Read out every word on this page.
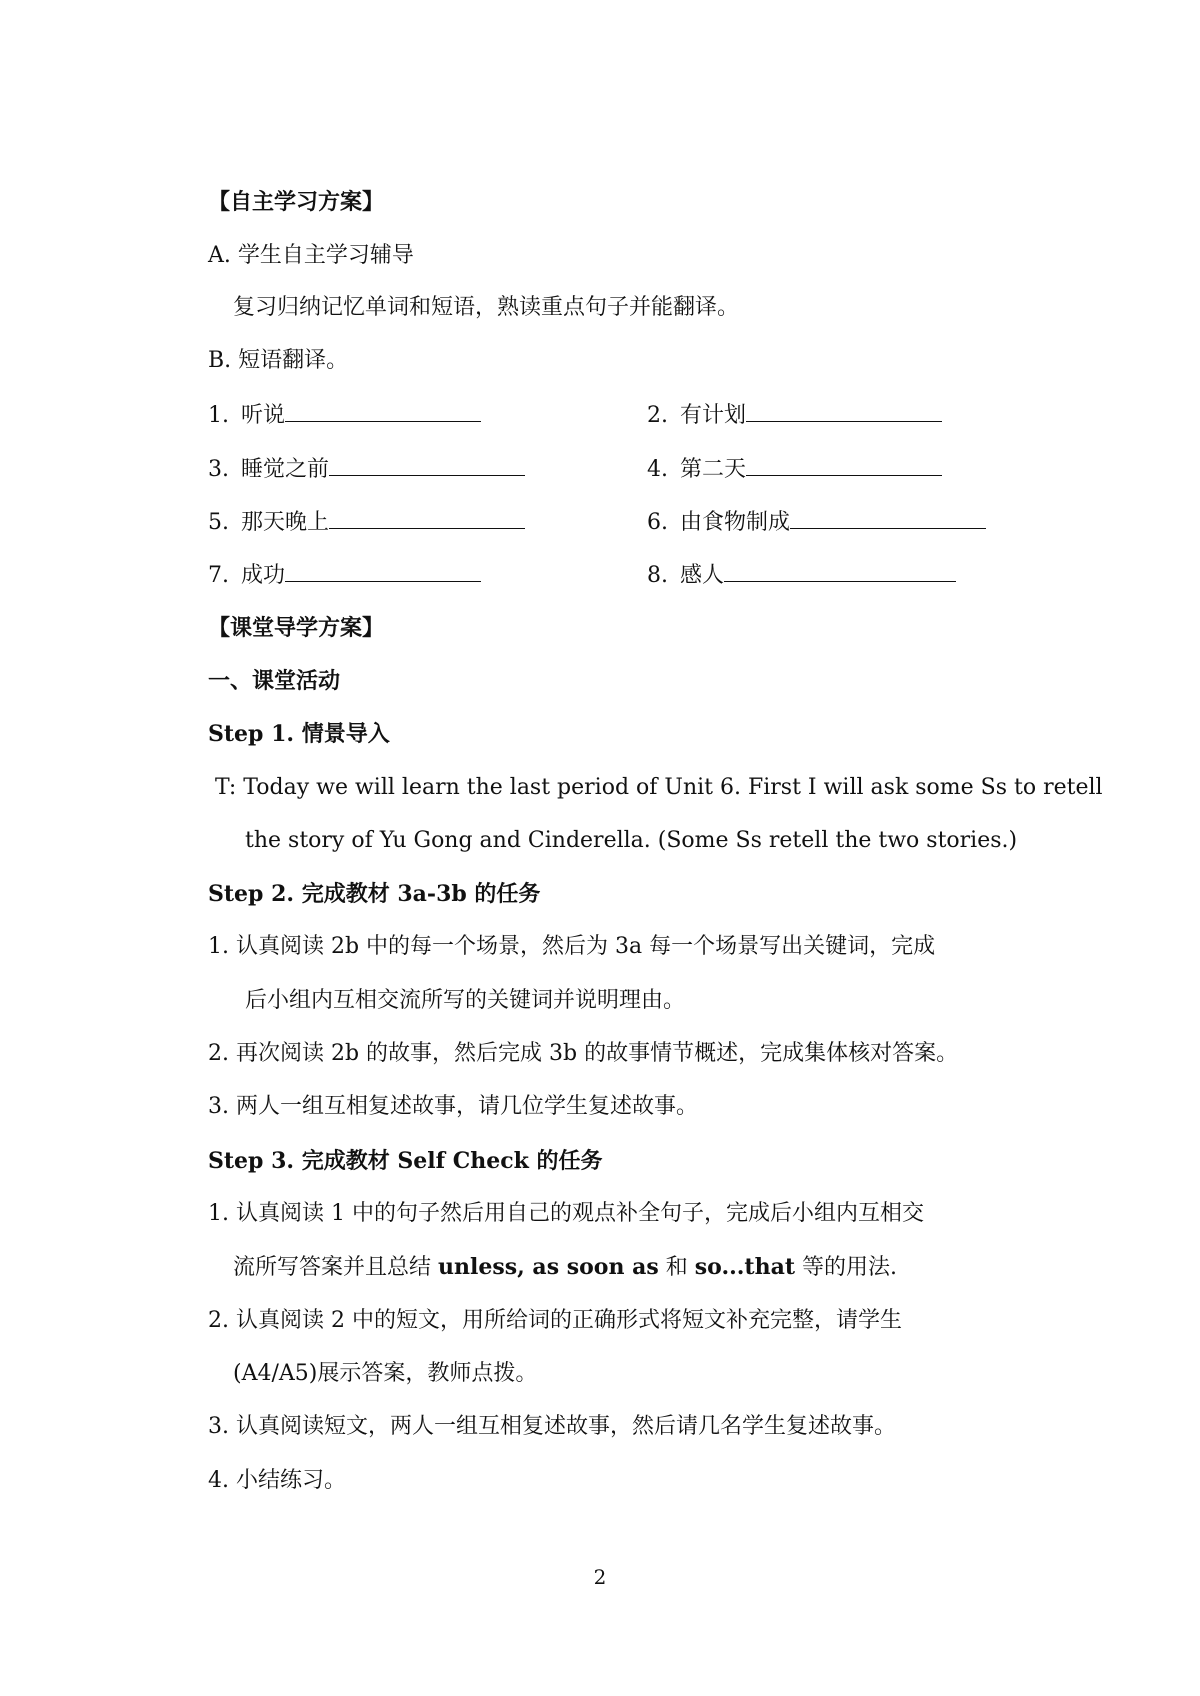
【自主学习方案】
A. 学生自主学习辅导
复习归纳记忆单词和短语，熟读重点句子并能翻译。
B. 短语翻译。
1. 听说	2. 有计划
3. 睡觉之前	4. 第二天
5. 那天晚上	6. 由食物制成
7. 成功	8. 感人
【课堂导学方案】
一、课堂活动
Step 1. 情景导入
T: Today we will learn the last period of Unit 6. First I will ask some Ss to retell
the story of Yu Gong and Cinderella. (Some Ss retell the two stories.)
Step 2. 完成教材 3a-3b 的任务
1. 认真阅读 2b 中的每一个场景，然后为 3a 每一个场景写出关键词，完成
后小组内互相交流所写的关键词并说明理由。
2. 再次阅读 2b 的故事，然后完成 3b 的故事情节概述，完成集体核对答案。
3. 两人一组互相复述故事，请几位学生复述故事。
Step 3. 完成教材 Self Check 的任务
1. 认真阅读 1 中的句子然后用自己的观点补全句子，完成后小组内互相交
流所写答案并且总结 unless, as soon as 和 so...that 等的用法.
2. 认真阅读 2 中的短文，用所给词的正确形式将短文补充完整，请学生
(A4/A5)展示答案，教师点拨。
3. 认真阅读短文，两人一组互相复述故事，然后请几名学生复述故事。
4. 小结练习。
2
